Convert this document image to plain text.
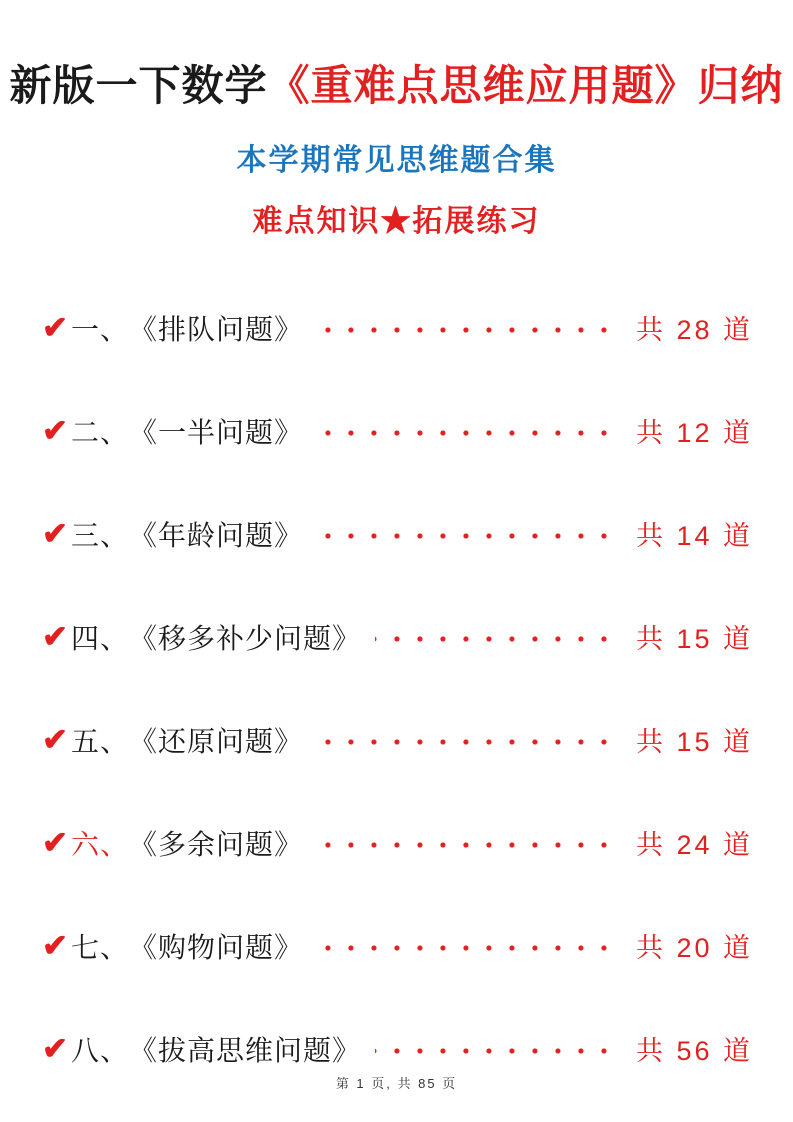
新版一下数学《重难点思维应用题》归纳
本学期常见思维题合集
难点知识★拓展练习
✔ 一、 《排队问题》	共 28 道
✔ 二、 《一半问题》	共 12 道
✔ 三、 《年龄问题》	共 14 道
✔ 四、 《移多补少问题》	共 15 道
✔ 五、 《还原问题》	共 15 道
✔ 六、 《多余问题》	共 24 道
✔ 七、 《购物问题》	共 20 道
✔ 八、 《拔高思维问题》	共 56 道
第 1 页, 共 85 页
